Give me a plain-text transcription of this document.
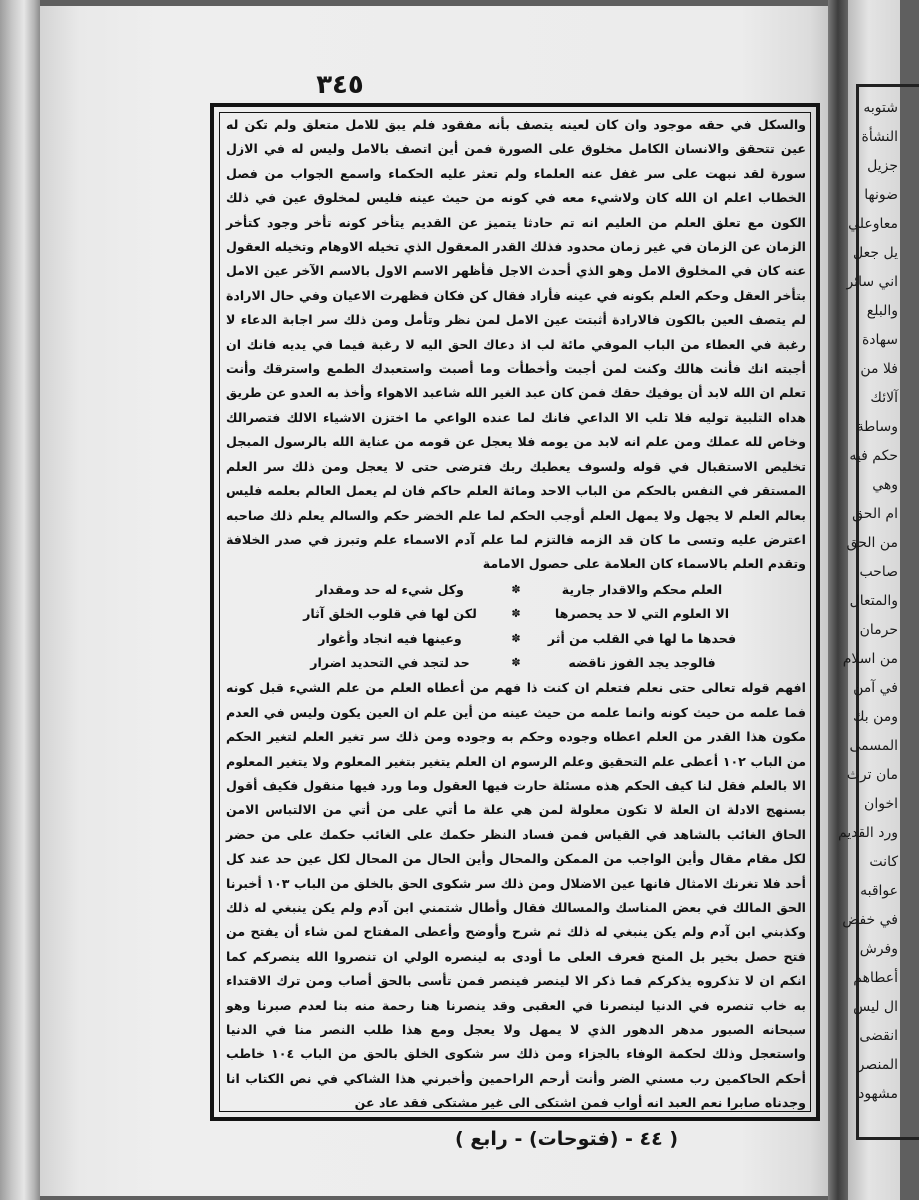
٣٤٥

والسكل في حقه موجود وان كان لعينه يتصف بأنه مفقود فلم يبق للامل متعلق ولم تكن له عين تتحقق والانسان الكامل مخلوق على الصورة فمن أين اتصف بالامل وليس له في الازل سورة لقد نبهت على سر غفل عنه العلماء ولم تعثر عليه الحكماء واسمع الجواب من فصل الخطاب اعلم ان الله كان ولاشيء معه في كونه من حيث عينه فليس لمخلوق عين في ذلك الكون مع تعلق العلم من العليم انه تم حادثا يتميز عن القديم يتأخر كونه تأخر وجود كتأخر الزمان عن الزمان في غير زمان محدود فذلك القدر المعقول الذي تخيله الاوهام وتخيله العقول عنه كان في المخلوق الامل وهو الذي أحدث الاجل فأظهر الاسم الاول بالاسم الآخر عين الامل بتأخر العقل وحكم العلم بكونه في عينه فأراد فقال كن فكان فظهرت الاعيان وفي حال الارادة لم يتصف العين بالكون فالارادة أثبتت عين الامل لمن نظر وتأمل ومن ذلك سر اجابة الدعاء لا رغبة في العطاء من الباب الموفي مائة لب اذ دعاك الحق اليه لا رغبة فيما في يديه فانك ان أجبته انك فأنت هالك وكنت لمن أجبت وأخطأت وما أصبت واستعبدك الطمع واسترقك وأنت تعلم ان الله لابد أن يوفيك حقك فمن كان عبد الغير الله شاعبد الاهواء وأخذ به العدو عن طريق هداه التلبية توليه فلا تلب الا الداعي فانك لما عنده الواعي ما اختزن الاشياء الالك فتصرالك وخاص لله عملك ومن علم انه لابد من يومه فلا يعجل عن قومه من عناية الله بالرسول المبجل تخليص الاستقبال في قوله ولسوف يعطيك ربك فترضى حتى لا يعجل ومن ذلك سر العلم المستقر في النفس بالحكم من الباب الاحد ومائة العلم حاكم فان لم يعمل العالم بعلمه فليس بعالم العلم لا يجهل ولا يمهل العلم أوجب الحكم لما علم الخضر حكم والسالم يعلم ذلك صاحبه اعترض عليه وتسى ما كان قد الزمه فالتزم لما علم آدم الاسماء علم وتبرز في صدر الخلافة وتقدم العلم بالاسماء كان العلامة على حصول الامامة

العلم محكم والاقدار جارية
✽
وكل شيء له حد ومقدار
الا العلوم التي لا حد يحصرها
✽
لكن لها في قلوب الخلق آثار
فحدها ما لها في القلب من أثر
✽
وعينها فيه انجاد وأغوار
فالوجد يجد الفوز ناقضه
✽
حد لتجد في التحديد اضرار

افهم قوله تعالى حتى نعلم فتعلم ان كنت ذا فهم من أعطاه العلم من علم الشيء قبل كونه فما علمه من حيث كونه وانما علمه من حيث عينه من أين علم ان العين يكون وليس في العدم مكون هذا القدر من العلم اعطاه وجوده وحكم به وجوده ومن ذلك سر تغير العلم لتغير الحكم من الباب ١٠٢ أعطى علم التحقيق وعلم الرسوم ان العلم يتغير بتغير المعلوم ولا يتغير المعلوم الا بالعلم فقل لنا كيف الحكم هذه مسئلة حارت فيها العقول وما ورد فيها منقول فكيف أقول بسنهج الادلة ان العلة لا تكون معلولة لمن هي علة ما أتي على من أتي من الالتباس الامن الحاق الغائب بالشاهد في القياس فمن فساد النظر حكمك على الغائب حكمك على من حضر لكل مقام مقال وأين الواجب من الممكن والمحال وأين الحال من المحال لكل عين حد عند كل أحد فلا تغرنك الامثال فانها عين الاضلال ومن ذلك سر شكوى الحق بالخلق من الباب ١٠٣ أخبرنا الحق المالك في بعض المناسك والمسالك فقال وأطال شتمني ابن آدم ولم يكن ينبغي له ذلك وكذبني ابن آدم ولم يكن ينبغي له ذلك ثم شرح وأوضح وأعطى المفتاح لمن شاء أن يفتح من فتح حصل بخير بل المنح فعرف العلى ما أودى به لينصره الولي ان تنصروا الله ينصركم كما انكم ان لا تذكروه يذكركم فما ذكر الا لينصر فينصر فمن تأسى بالحق أصاب ومن ترك الاقتداء به خاب تنصره في الدنيا لينصرنا في العقبى وقد ينصرنا هنا رحمة منه بنا لعدم صبرنا وهو سبحانه الصبور مدهر الدهور الذي لا يمهل ولا يعجل ومع هذا طلب النصر منا في الدنيا واستعجل وذلك لحكمة الوفاء بالجزاء ومن ذلك سر شكوى الخلق بالحق من الباب ١٠٤ خاطب أحكم الحاكمين رب مسني الضر وأنت أرحم الراحمين وأخبرني هذا الشاكي في نص الكتاب انا وجدناه صابرا نعم العبد انه أواب فمن اشتكى الى غير مشتكى فقد عاد عن

( ٤٤ - (فتوحات) - رابع )
شتوبه
النشأة
جزيل
ضونها
معاوعلي
يل جعل
اني سائر
والبلع
سهادة
فلا من
آلائك
وساطة
حكم فيه
وهي
ام الحق
من الحق
صاحب
والمتعال
حرمان
من اسلام
في آمن
ومن بك
المسمى
مان ترث
اخوان
ورد القديم
كانت
عواقبه
في خفض
وفرش
أعطاهم
ال ليس
انقضى
المنصر
مشهود
